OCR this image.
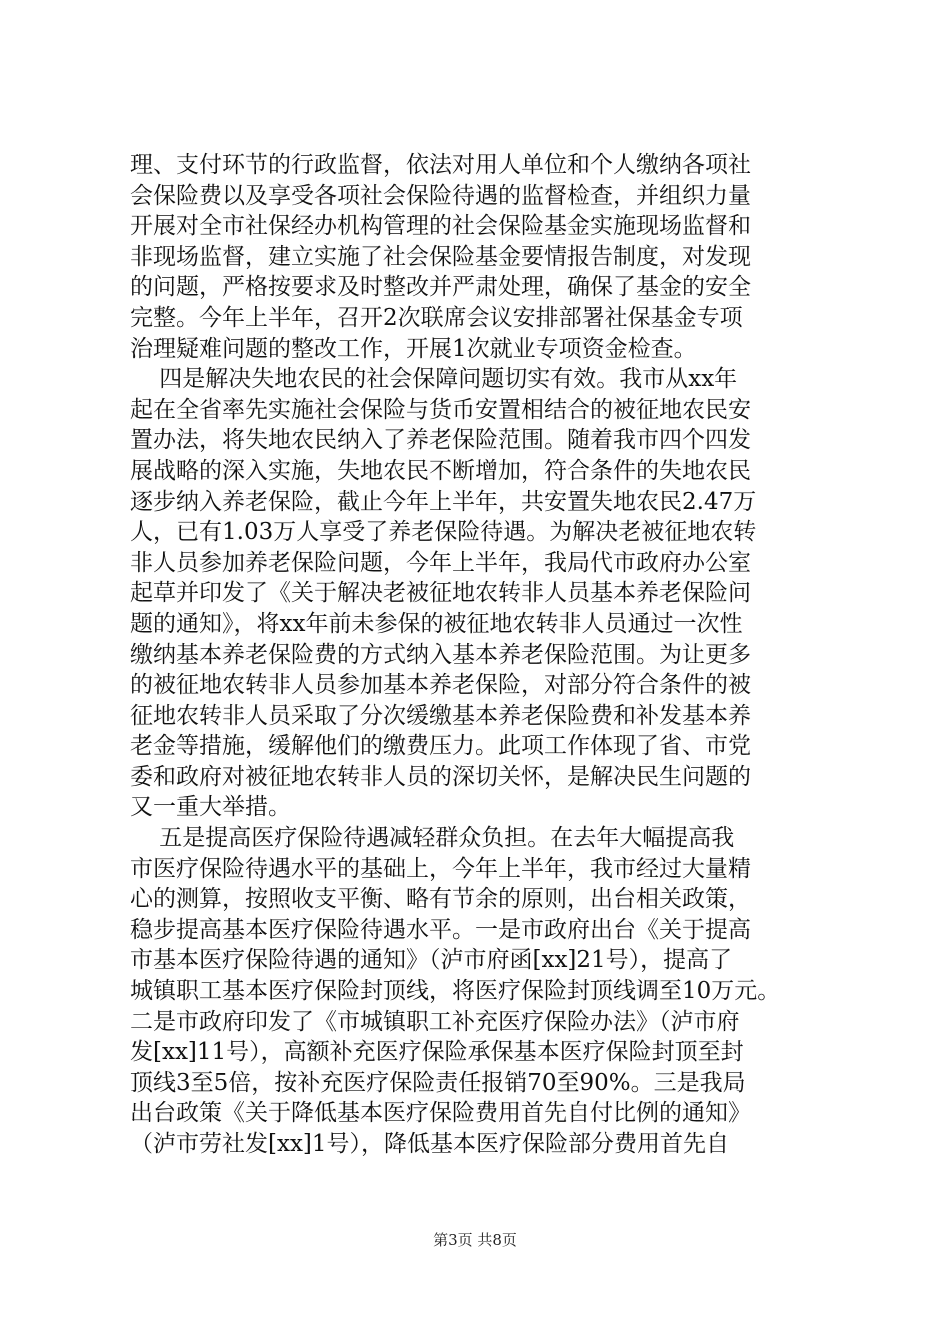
理、支付环节的行政监督，依法对用人单位和个人缴纳各项社
会保险费以及享受各项社会保险待遇的监督检查，并组织力量
开展对全市社保经办机构管理的社会保险基金实施现场监督和
非现场监督，建立实施了社会保险基金要情报告制度，对发现
的问题，严格按要求及时整改并严肃处理，确保了基金的安全
完整。今年上半年，召开2次联席会议安排部署社保基金专项
治理疑难问题的整改工作，开展1次就业专项资金检查。
四是解决失地农民的社会保障问题切实有效。我市从xx年
起在全省率先实施社会保险与货币安置相结合的被征地农民安
置办法，将失地农民纳入了养老保险范围。随着我市四个四发
展战略的深入实施，失地农民不断增加，符合条件的失地农民
逐步纳入养老保险，截止今年上半年，共安置失地农民2.47万
人，已有1.03万人享受了养老保险待遇。为解决老被征地农转
非人员参加养老保险问题，今年上半年，我局代市政府办公室
起草并印发了《关于解决老被征地农转非人员基本养老保险问
题的通知》，将xx年前未参保的被征地农转非人员通过一次性
缴纳基本养老保险费的方式纳入基本养老保险范围。为让更多
的被征地农转非人员参加基本养老保险，对部分符合条件的被
征地农转非人员采取了分次缓缴基本养老保险费和补发基本养
老金等措施，缓解他们的缴费压力。此项工作体现了省、市党
委和政府对被征地农转非人员的深切关怀，是解决民生问题的
又一重大举措。
五是提高医疗保险待遇减轻群众负担。在去年大幅提高我
市医疗保险待遇水平的基础上，今年上半年，我市经过大量精
心的测算，按照收支平衡、略有节余的原则，出台相关政策，
稳步提高基本医疗保险待遇水平。一是市政府出台《关于提高
市基本医疗保险待遇的通知》（泸市府函[xx]21号），提高了
城镇职工基本医疗保险封顶线，将医疗保险封顶线调至10万元。
二是市政府印发了《市城镇职工补充医疗保险办法》（泸市府
发[xx]11号），高额补充医疗保险承保基本医疗保险封顶至封
顶线3至5倍，按补充医疗保险责任报销70至90%。三是我局
出台政策《关于降低基本医疗保险费用首先自付比例的通知》
（泸市劳社发[xx]1号），降低基本医疗保险部分费用首先自
第3页 共8页
